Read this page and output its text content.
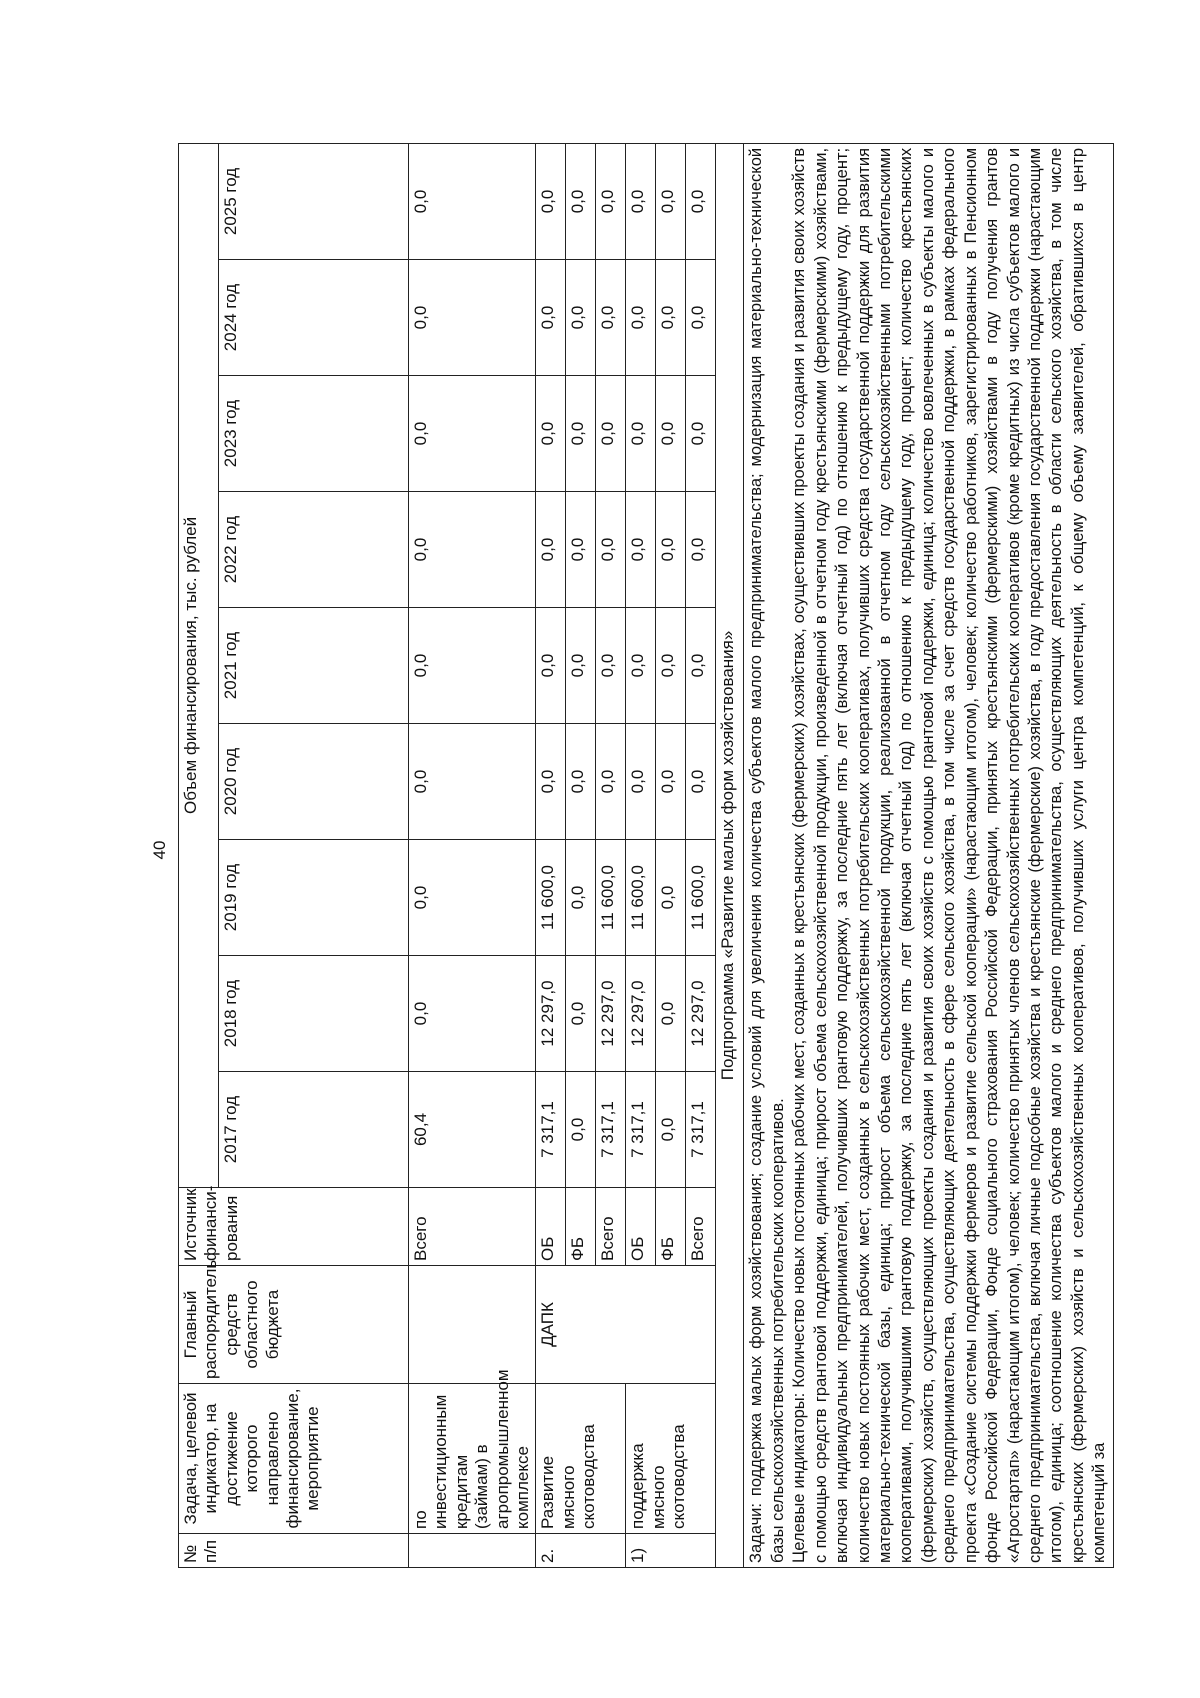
40
№ п/п	Задача, целевой индикатор, на достижение которого направлено финансирование, мероприятие	Главный распорядитель средств областного бюджета	Источник финанси-рования	Объем финансирования, тыс. рублей								
				2017 год	2018 год	2019 год	2020 год	2021 год	2022 год	2023 год	2024 год	2025 год
	по инвестиционным кредитам (займам) в агропромышленном комплексе		Всего	60,4	0,0	0,0	0,0	0,0	0,0	0,0	0,0	0,0
2.	Развитие мясного скотоводства	ДАПК	ОБ	7 317,1	12 297,0	11 600,0	0,0	0,0	0,0	0,0	0,0	0,0
			ФБ	0,0	0,0	0,0	0,0	0,0	0,0	0,0	0,0	0,0
			Всего	7 317,1	12 297,0	11 600,0	0,0	0,0	0,0	0,0	0,0	0,0
1)	поддержка мясного скотоводства		ОБ	7 317,1	12 297,0	11 600,0	0,0	0,0	0,0	0,0	0,0	0,0
			ФБ	0,0	0,0	0,0	0,0	0,0	0,0	0,0	0,0	0,0
			Всего	7 317,1	12 297,0	11 600,0	0,0	0,0	0,0	0,0	0,0	0,0
Подпрограмма «Развитие малых форм хозяйствования»												

Задачи: поддержка малых форм хозяйствования; создание условий для увеличения количества субъектов малого предпринимательства; модернизация материально-технической базы сельскохозяйственных потребительских кооперативов. Целевые индикаторы: Количество новых постоянных рабочих мест, созданных в крестьянских (фермерских) хозяйствах, осуществивших проекты создания и развития своих хозяйств с помощью средств грантовой поддержки, единица; прирост объема сельскохозяйственной продукции, произведенной в отчетном году крестьянскими (фермерскими) хозяйствами, включая индивидуальных предпринимателей, получивших грантовую поддержку, за последние пять лет (включая отчетный год) по отношению к предыдущему году, процент; количество новых постоянных рабочих мест, созданных в сельскохозяйственных потребительских кооперативах, получивших средства государственной поддержки для развития материально-технической базы, единица; прирост объема сельскохозяйственной продукции, реализованной в отчетном году сельскохозяйственными потребительскими кооперативами, получившими грантовую поддержку, за последние пять лет (включая отчетный год) по отношению к предыдущему году, процент; количество крестьянских (фермерских) хозяйств, осуществляющих проекты создания и развития своих хозяйств с помощью грантовой поддержки, единица; количество вовлеченных в субъекты малого и среднего предпринимательства, осуществляющих деятельность в сфере сельского хозяйства, в том числе за счет средств государственной поддержки, в рамках федерального проекта «Создание системы поддержки фермеров и развитие сельской кооперации» (нарастающим итогом), человек; количество работников, зарегистрированных в Пенсионном фонде Российской Федерации, Фонде социального страхования Российской Федерации, принятых крестьянскими (фермерскими) хозяйствами в году получения грантов «Агростартап» (нарастающим итогом), человек; количество принятых членов сельскохозяйственных потребительских кооперативов (кроме кредитных) из числа субъектов малого и среднего предпринимательства, включая личные подсобные хозяйства и крестьянские (фермерские) хозяйства, в году предоставления государственной поддержки (нарастающим итогом), единица; соотношение количества субъектов малого и среднего предпринимательства, осуществляющих деятельность в области сельского хозяйства, в том числе крестьянских (фермерских) хозяйств и сельскохозяйственных кооперативов, получивших услуги центра компетенций, к общему объему заявителей, обратившихся в центр компетенций за												
